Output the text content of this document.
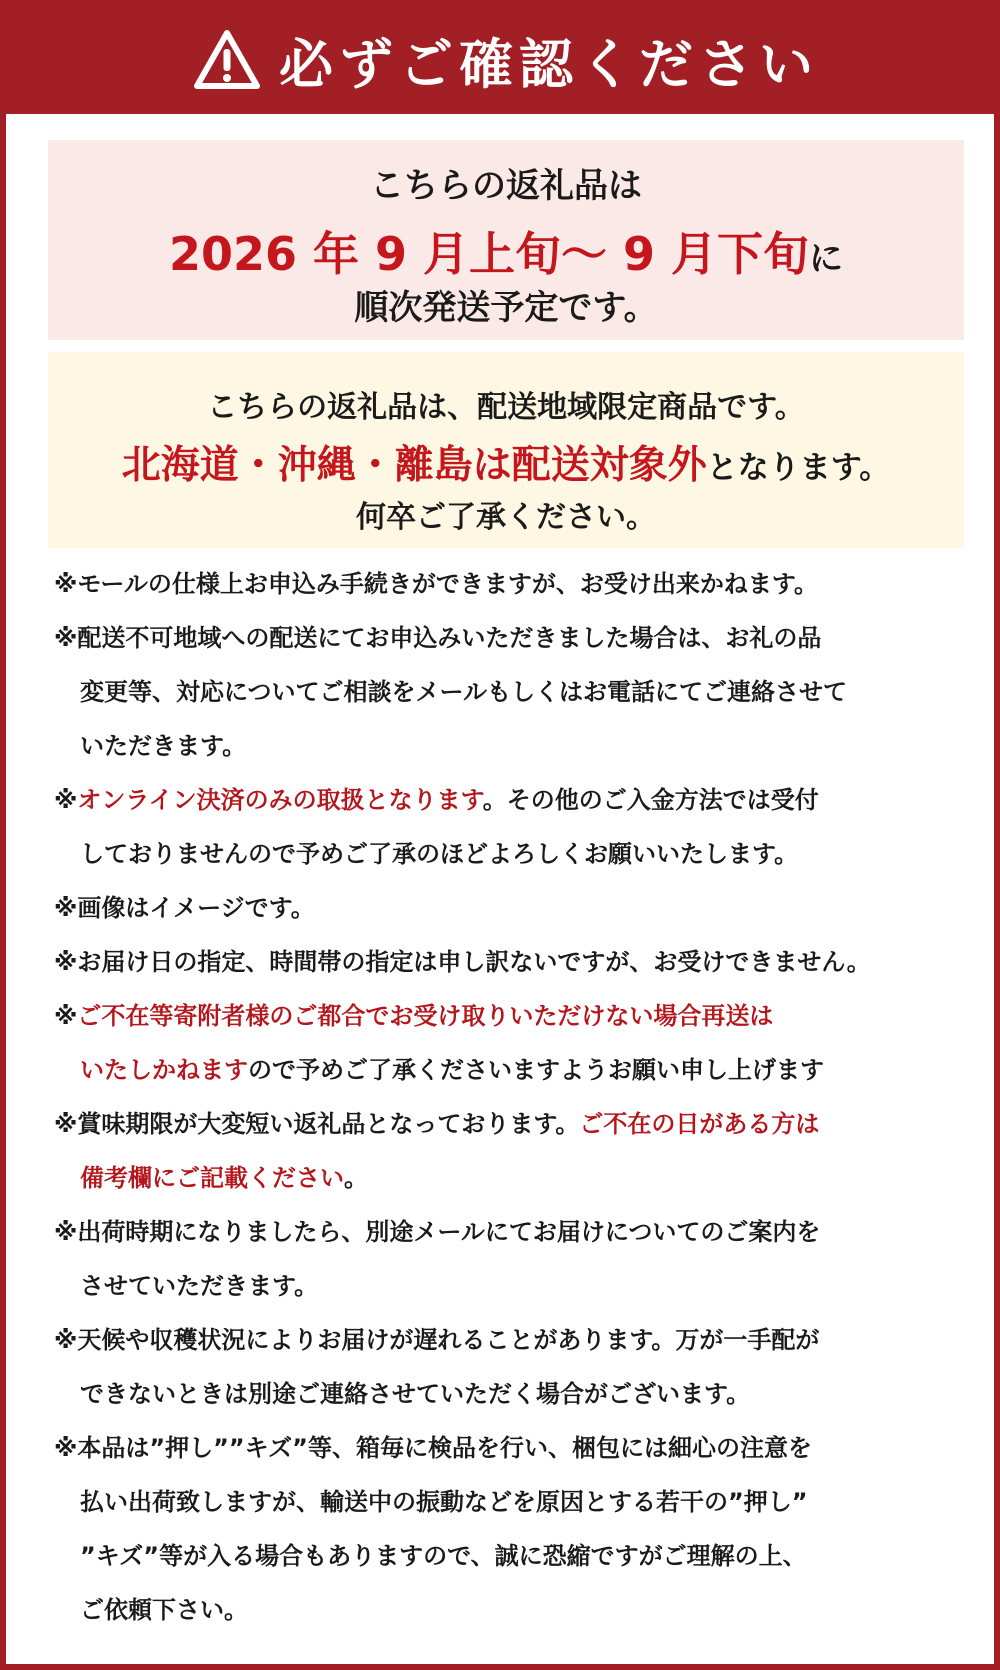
必ずご確認ください
こちらの返礼品は
2026 年 9 月上旬～ 9 月下旬に
順次発送予定です。
こちらの返礼品は、配送地域限定商品です。
北海道・沖縄・離島は配送対象外となります。
何卒ご了承ください。
※モールの仕様上お申込み手続きができますが、お受け出来かねます。
※配送不可地域への配送にてお申込みいただきました場合は、お礼の品
変更等、対応についてご相談をメールもしくはお電話にてご連絡させて
いただきます。
※オンライン決済のみの取扱となります。その他のご入金方法では受付
しておりませんので予めご了承のほどよろしくお願いいたします。
※画像はイメージです。
※お届け日の指定、時間帯の指定は申し訳ないですが、お受けできません。
※ご不在等寄附者様のご都合でお受け取りいただけない場合再送は
いたしかねますので予めご了承くださいますようお願い申し上げます
※賞味期限が大変短い返礼品となっております。ご不在の日がある方は
備考欄にご記載ください。
※出荷時期になりましたら、別途メールにてお届けについてのご案内を
させていただきます。
※天候や収穫状況によりお届けが遅れることがあります。万が一手配が
できないときは別途ご連絡させていただく場合がございます。
※本品は”押し””キズ”等、箱毎に検品を行い、梱包には細心の注意を
払い出荷致しますが、輸送中の振動などを原因とする若干の”押し”
”キズ”等が入る場合もありますので、誠に恐縮ですがご理解の上、
ご依頼下さい。
